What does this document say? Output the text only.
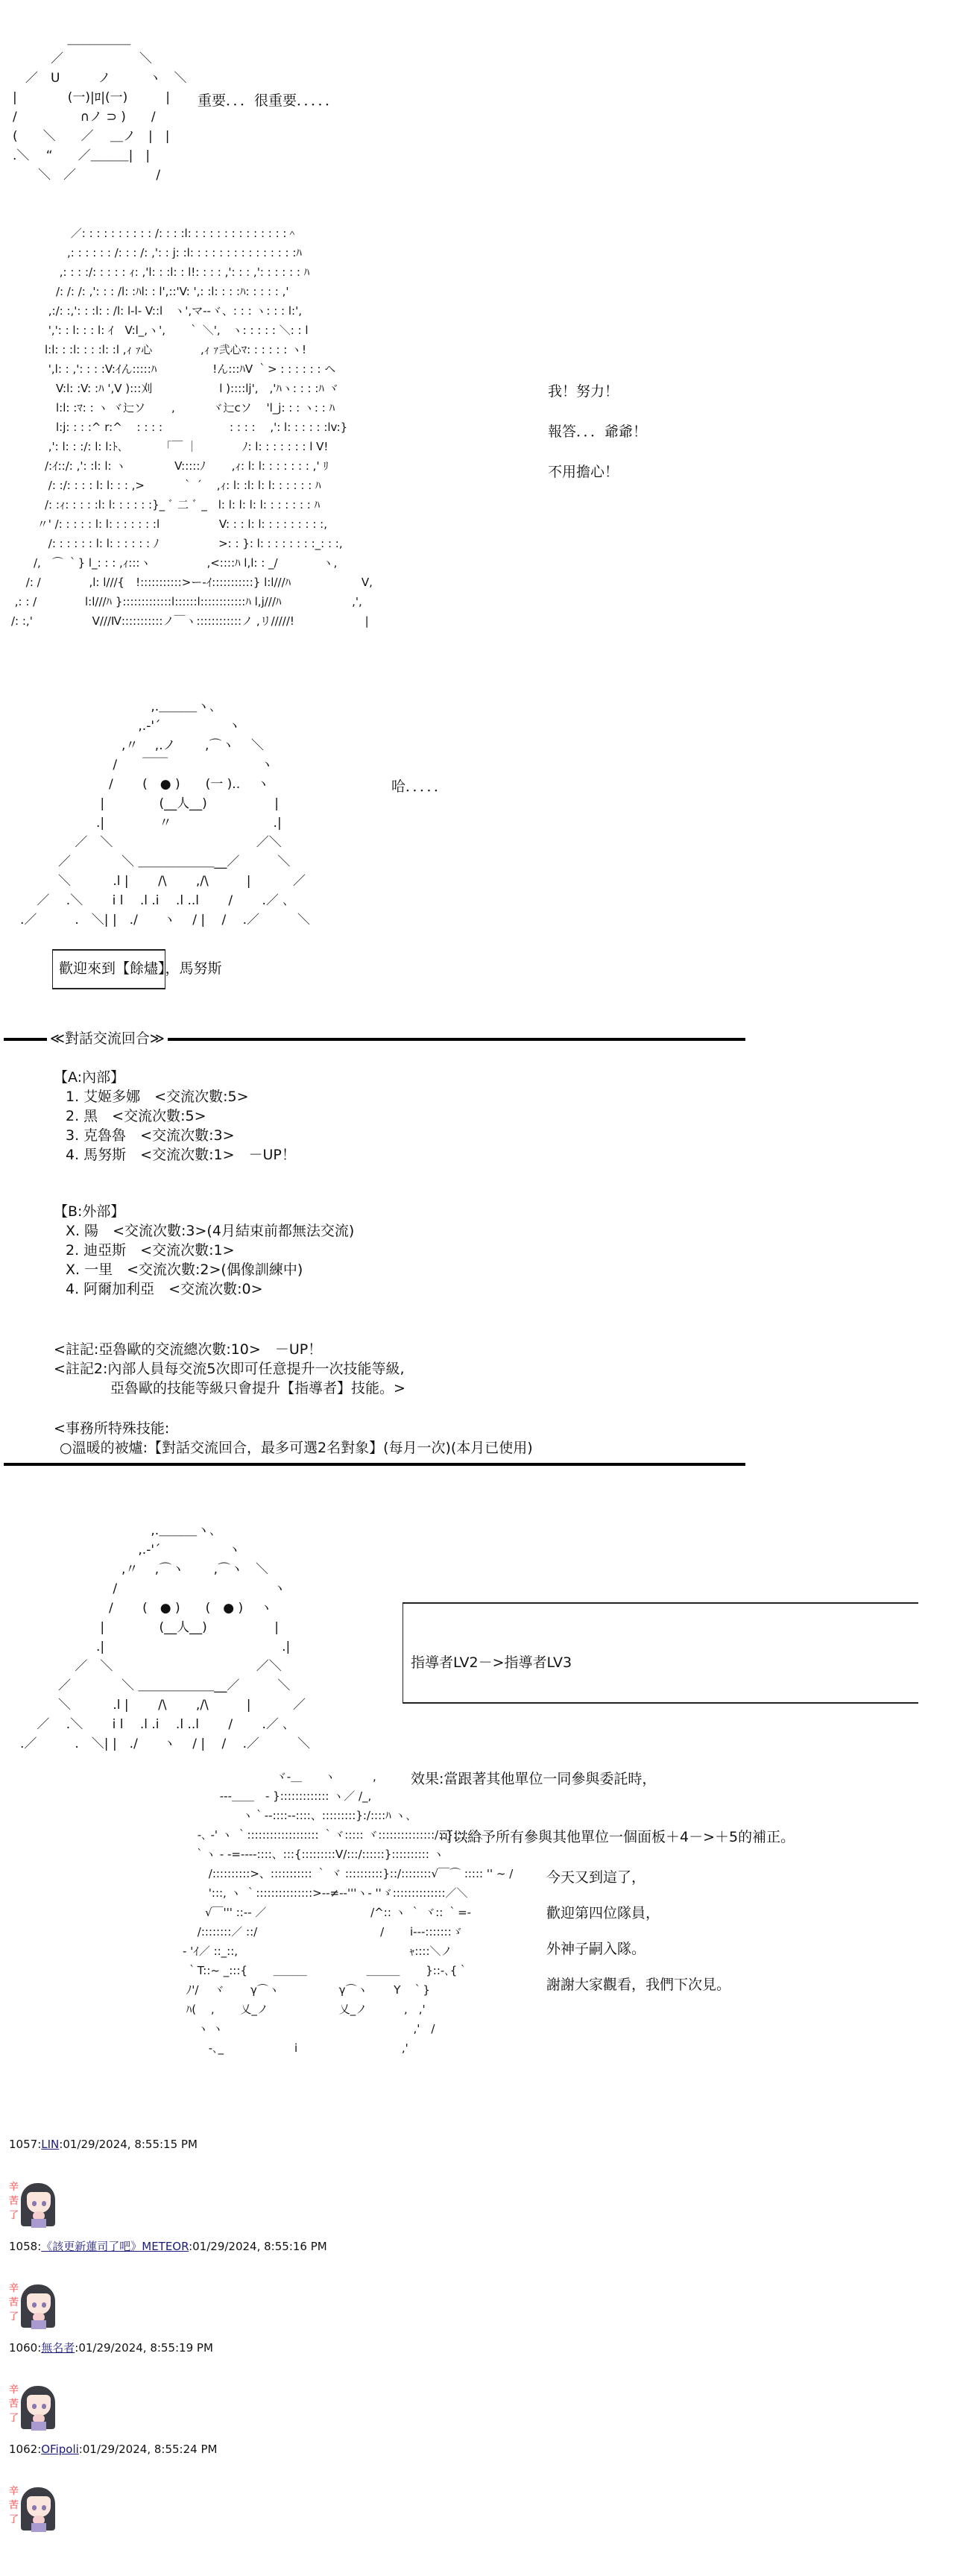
　　　　　 ＿＿＿＿＿
　　　　／　　　　　　＼
　　／　U　　　ノ　　　ヽ　＼
　|　　　　(一)|ﾛ|(一)　　　|
　/　　　　　∩ノ ⊃ )　　/
　(　　＼　　／　 ＿ノ　|　|
　.＼　 “　　／＿＿＿|　|
　　　＼　／　　　　　　 /
重要．．．很重要．．．．．
　　　　　　 ／: : : : : : : : : : /: : : :l: : : : : : : : : : : : : :＾
　　　　　　,: : : : : : /: : : /: ,': : j: :l: : : : : : : : : : : : : : :ﾊ
　　　　　 ,: : : :/: : : : : ｨ: ,'l: : :l: : l!: : : : ,': : : ,': : : : : : ﾊ
　　　　　/: /: /: ,': : : /l: :ﾊl: : l',::'V: ',: :l: : : :ﾊ: : : : : ,'
　　　　 ,:/: :,': : :l: : /l: l-l- V::l　ヽ',マ-‐ヾ、: : : ヽ: : : l:',
　　　　 ',': : l: : : l: ｲ　V:l_,ヽ',　　｀ ＼',　ヽ: : : : : ＼: : l
　　　　l:l: : :l: : : :l: :l ,ｨ ｧ心　　　　 ,ｨ ｧ弐心ﾏ: : : : : : ヽ!
　　　　 ',l: : ,': : : :V:ｲん:::::ﾊ　　　　　!ん:::ﾊV ｀> : : : : : : ヘ
　　　　　V:l: :V: :ﾊ ',V ):::刈　　　　　　l )::::lj',　,'ﾊヽ: : : :ﾊ ヾ
　　　　　l:l: :ﾏ: : ヽ ヾ辷ソ　　 ,　　　 ヾ辷cソ　 'l_j: : : ヽ: : ﾊ
　　　　　l:j: : : :^ r:^　 : : : :　　　　　　: : : :　 ,': l: : : : : :lv:}
　　　　 ,': l: : :/: l: l:ﾄ､　　　 「￣ ｜　　　　ﾉ: l: : : : : : : l V!
　　　　/:ｲ::/: ,': :l: l: ヽ　　　　 V:::::ﾉ　　 ,ｨ: l: l: : : : : : : ,' ﾘ
　　　　 /: :/: : : : l: l: : : ,>　　　 ｀ ´　 ,ｨ: l: :l: l: l: : : : : : ﾊ
　　　　/: :ｨ: : : : :l: l: : : : : :}_ ﾞ 二 ﾞ _　l: l: l: l: l: : : : : : : ﾊ
　　　 〃' /: : : : : l: l: : : : : : :l　　　　　 V: : : l: l: : : : : : : : :,
　　　　 /: : : : : : l: l: : : : : : ﾉ　　　　　 >: : }: l: : : : : : : :_: : :,
　　　/,　⌒ ｀} l_: : : ,ｨ:::ヽ　　　　　,<::::ﾊ l,l: : _/　　　　ヽ,
　　 /: /　　　　 ,l: l///{　!:::::::::::>ー-ｲ:::::::::::} l:l///ﾊ　　　　　　 V,
　 ,: : /　　　　 l:l///ﾊ }:::::::::::::l::::::l::::::::::::ﾊ l,j///ﾊ　　　　　　 ,',
　/: :,'　　　　　 V///Ⅳ:::::::::::ノ￣ヽ::::::::::::ノ ,リ/////!　　　　　　 |
我！努力！
報答．．．爺爺！
不用擔心！
　　　　　　　　　　　 ,.＿＿＿ヽ､
　　　　　　　　　　 ,.-'´　　　　　 ヽ
　　　　　　　　　,〃　 ,.ノ　　 ,⌒ヽ　 ＼
　　　　　　　　 /　　￣￣　　　　　　　 ヽ
　　　　　　　　/　　 (　● )　　(一 )..　 ヽ
　　　　　　　 |　　　　 (__人__)　　　　　 |
　　　　　　　.|　　　　 〃　　　　　　　　.|
　　　　　 ／　＼　　　　　　　　　　　 ／＼
　　　　／　　　　＼ ＿＿＿＿＿＿__／　　　＼
　　　　＼　　　 .l |　　 /\　　 ,/\　　　|　　　 ／
　　 ／　 .＼　　 i l　 .l .i　 .l ..l　　 /　　 .／ ､
　.／　　　.　＼| |　./　　ヽ　 / |　 /　 .／　　　＼
哈．．．．．
歡迎來到【餘燼】，馬努斯
≪對話交流回合≫
【A:內部】
1. 艾姬多娜　<交流次數:5>
2. 黑　<交流次數:5>
3. 克魯魯　<交流次數:3>
4. 馬努斯　<交流次數:1>　－UP！
【B:外部】
X. 陽　<交流次數:3>(4月結束前都無法交流)
2. 迪亞斯　<交流次數:1>
X. 一里　<交流次數:2>(偶像訓練中)
4. 阿爾加利亞　<交流次數:0>
<註記:亞魯歐的交流總次數:10>　－UP！
<註記2:內部人員每交流5次即可任意提升一次技能等級,
　　　　亞魯歐的技能等級只會提升【指導者】技能。>
<事務所特殊技能:
○溫暖的被爐:【對話交流回合，最多可選2名對象】(每月一次)(本月已使用)
　　　　　　　　　　　 ,.＿＿＿ヽ､
　　　　　　　　　　 ,.-'´　　　　　 ヽ
　　　　　　　　　,〃 　,⌒ヽ　　 ,⌒ヽ　＼
　　　　　　　　 /　　　　　　　　　　　　 ヽ
　　　　　　　　/　　 (　● )　　(　● )　 ヽ
　　　　　　　 |　　　　 (__人__)　　　　　 |
　　　　　　　.|　　　　　　　　　　　　　　.|
　　　　　 ／　＼　　　　　　　　　　　 ／＼
　　　　／　　　　＼ ＿＿＿＿＿＿__／　　　＼
　　　　＼　　　 .l |　　 /\　　 ,/\　　　|　　　 ／
　　 ／　 .＼　　 i l　 .l .i　 .l ..l　　 /　　 .／ ､
　.／　　　.　＼| |　./　　ヽ　 / |　 /　 .／　　　＼

指導者LV2－>指導者LV3

效果:當跟著其他單位一同參與委託時，

　　可以給予所有參與其他單位一個面板＋4－>＋5的補正。

　　　　　　　　　　 ヾ‐＿　　ヽ　　　 ,
　　　　　 ‐‐‐＿＿　‐ }::::::::::::: ヽ／ /_,
　　　　　　　 ヽ｀‐‐::::‐‐::::、:::::::::}:/::::ﾊ ヽ､
　　　 ‐､ ‐' ヽ ｀::::::::::::::::::: ｀ヾ::::: ヾ:::::::::::::::/::}:::: ＼
　　　｀ヽ ‐ ‐=‐‐‐‐::::、:::{:::::::::V/:::/::::::}:::::::::: ヽ
　　　　 /::::::::::>、::::::::::: ｀ ヾ ::::::::::}::/::::::::√￣⌒ ::::: '' ~ /
　　　　 ':::, ヽ ｀:::::::::::::::>‐‐≠‐‐'''ヽ‐ ''ゞ::::::::::::::／＼
　　　　√￣''' ::‐‐ ／　　　　　　　　　 /^:: ヽ ｀ ヾ:: ｀=‐
　　　 /::::::::／ ::/　　　　　　　　　　　/　　 i‐‐‐:::::::ゞ
　　‐ 'ｲ／ ::_::,　　　　　　　　　　　　　　　 ｬ::::＼ノ
　　 ｀T::~ _:::{　　 ＿＿＿　　　　　 ＿＿＿　　 }::‐､{｀
　　 ﾉ'/　 ヾ　　 γ⌒ヽ　　　　　 γ⌒ヽ　　 Y　｀}
　　 ﾊ(　 ,　　 乂_ノ　　　　　　 乂_ノ　　　 ,　,'
　　　 ヽ ヽ　　　　　　　　　　　　　　　　　,'　/
　　　　 ‐､_　　　　　　 i　　　　　　　　　 ,'
今天又到這了，
歡迎第四位隊員，
外神子嗣入隊。
謝謝大家觀看，我們下次見。
1057:LIN:01/29/2024, 8:55:15 PM
辛苦了
1058:《該更新蓮司了吧》METEOR:01/29/2024, 8:55:16 PM
辛苦了
1060:無名者:01/29/2024, 8:55:19 PM
辛苦了
1062:OFipoli:01/29/2024, 8:55:24 PM
辛苦了
